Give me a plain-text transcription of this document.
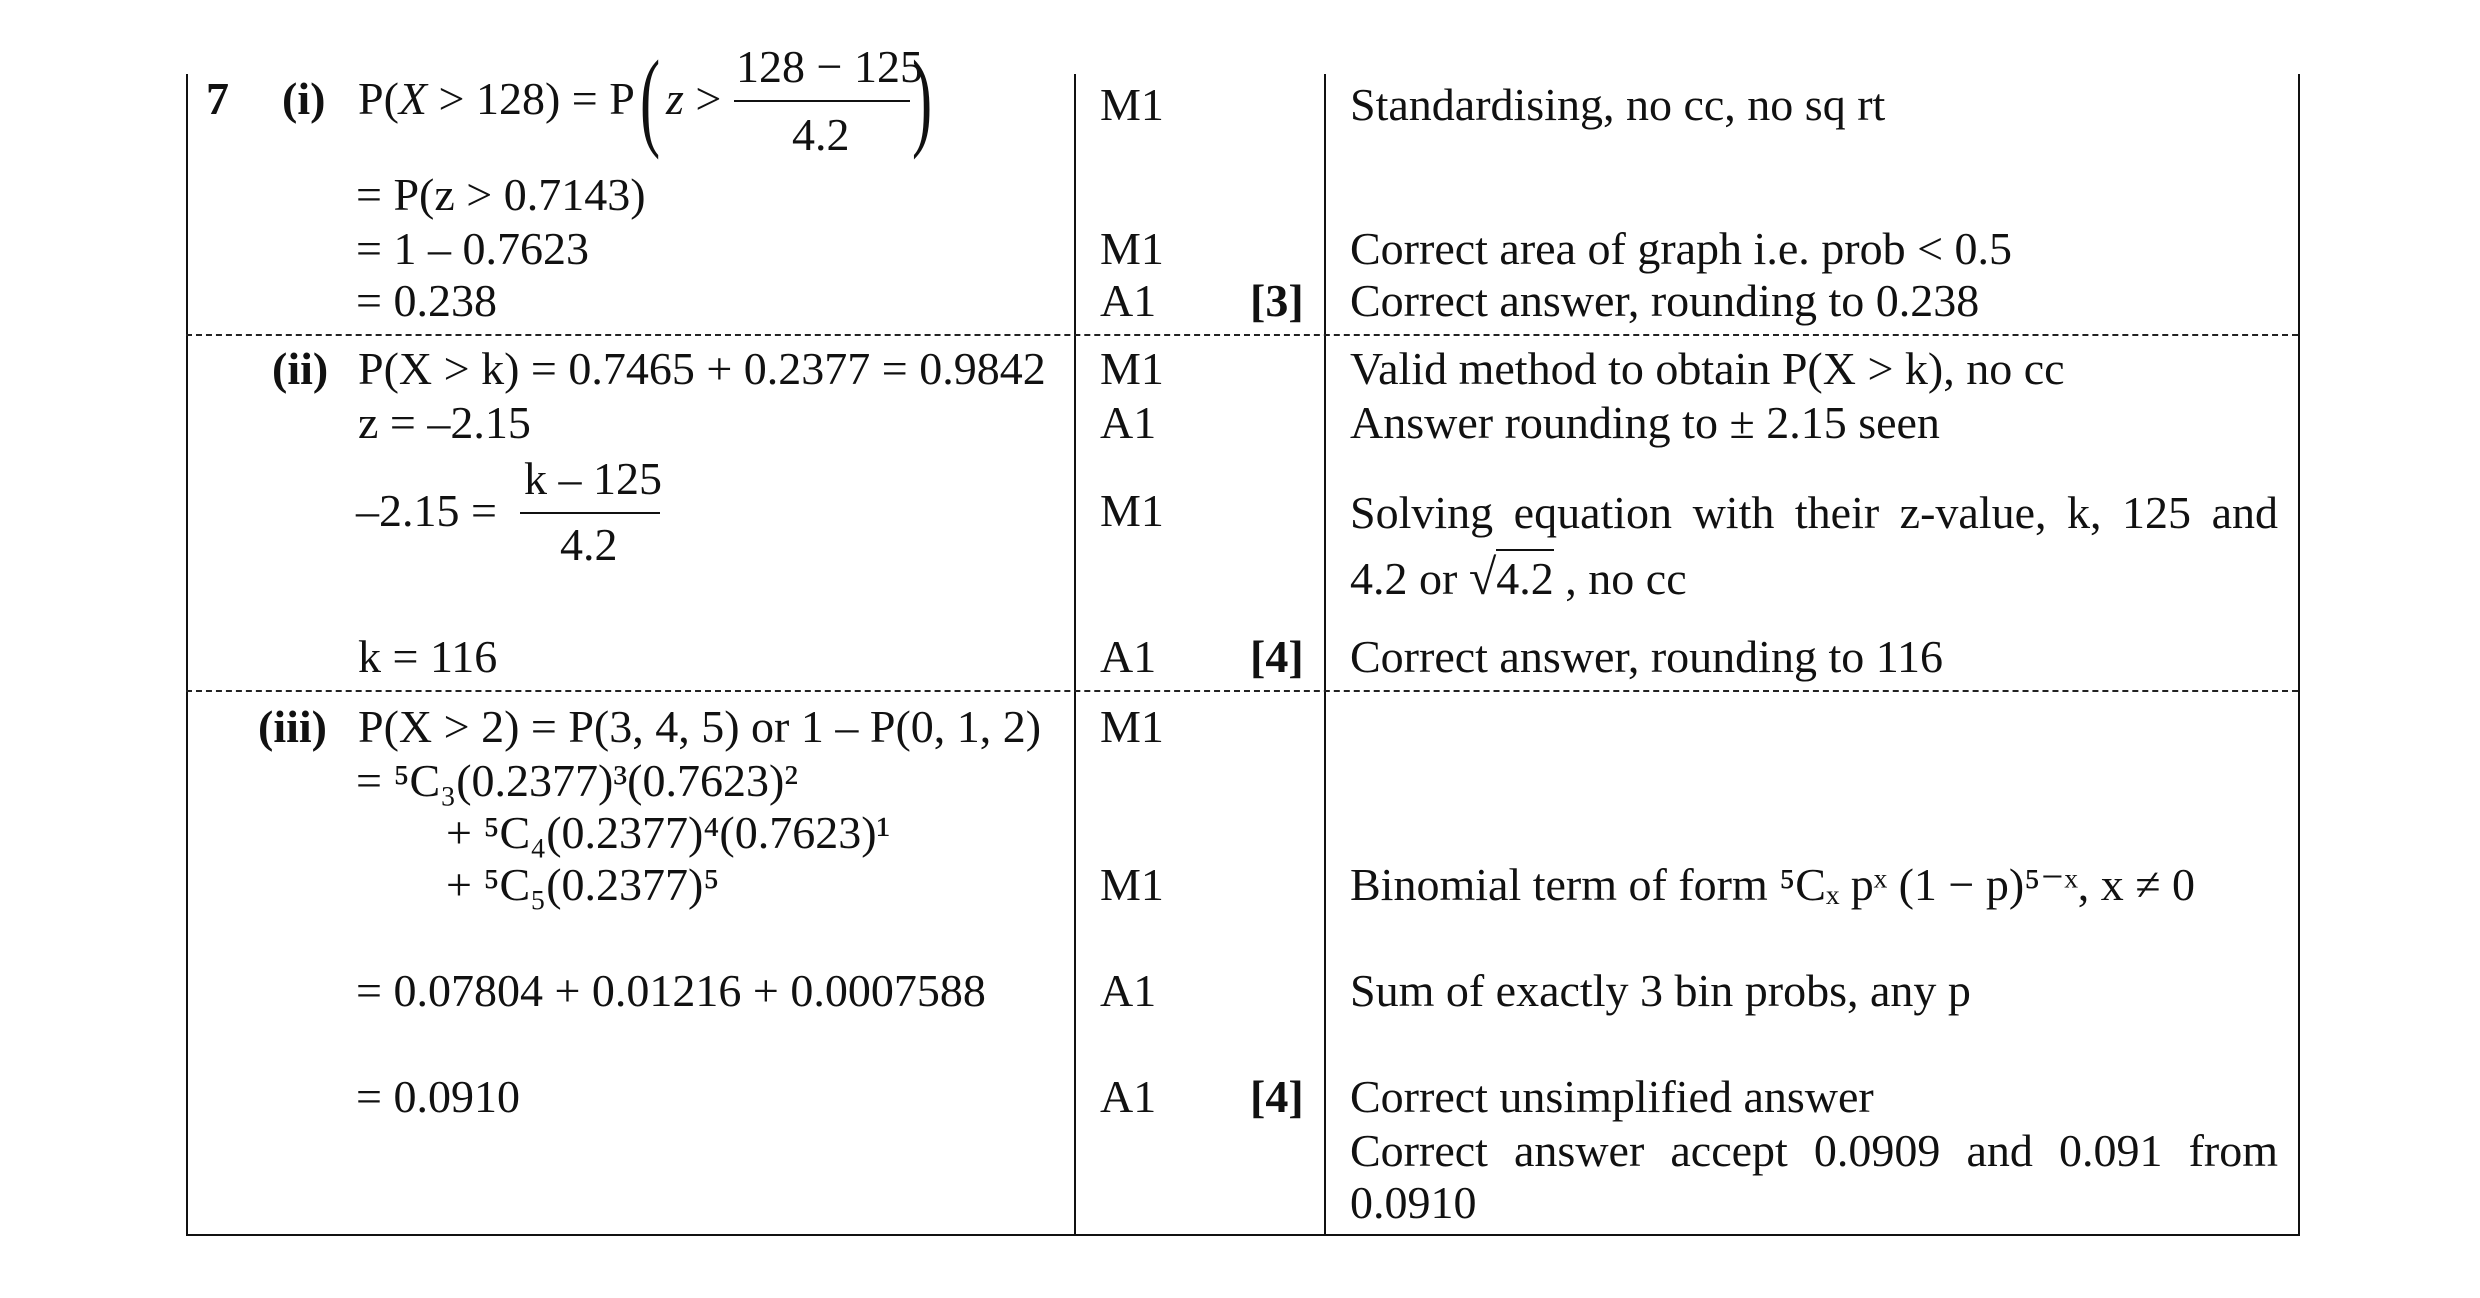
7 (i) P(X > 128) = P ( z >
128 − 125
4.2 )
= P(z > 0.7143)
= 1 – 0.7623
= 0.238
M1
M1
A1 [3]
Standardising, no cc, no sq rt
Correct area of graph i.e. prob < 0.5
Correct answer, rounding to 0.238
(ii) P(X > k) = 0.7465 + 0.2377 = 0.9842
z = –2.15
–2.15 =
k – 125
4.2
k = 116
M1
A1
M1
A1 [4]
Valid method to obtain P(X > k), no cc
Answer rounding to ± 2.15 seen
Solving equation with their z-value, k, 125 and
4.2 or √4.2 , no cc
Correct answer, rounding to 116
(iii) P(X > 2) = P(3, 4, 5) or 1 – P(0, 1, 2)
= ⁵C₃(0.2377)³(0.7623)²
+ ⁵C₄(0.2377)⁴(0.7623)¹
+ ⁵C₅(0.2377)⁵
= 0.07804 + 0.01216 + 0.0007588
= 0.0910
M1
M1
A1
A1 [4]
Binomial term of form ⁵Cₓ pˣ (1 − p)⁵⁻ˣ, x ≠ 0
Sum of exactly 3 bin probs, any p
Correct unsimplified answer
Correct answer accept 0.0909 and 0.091 from
0.0910
